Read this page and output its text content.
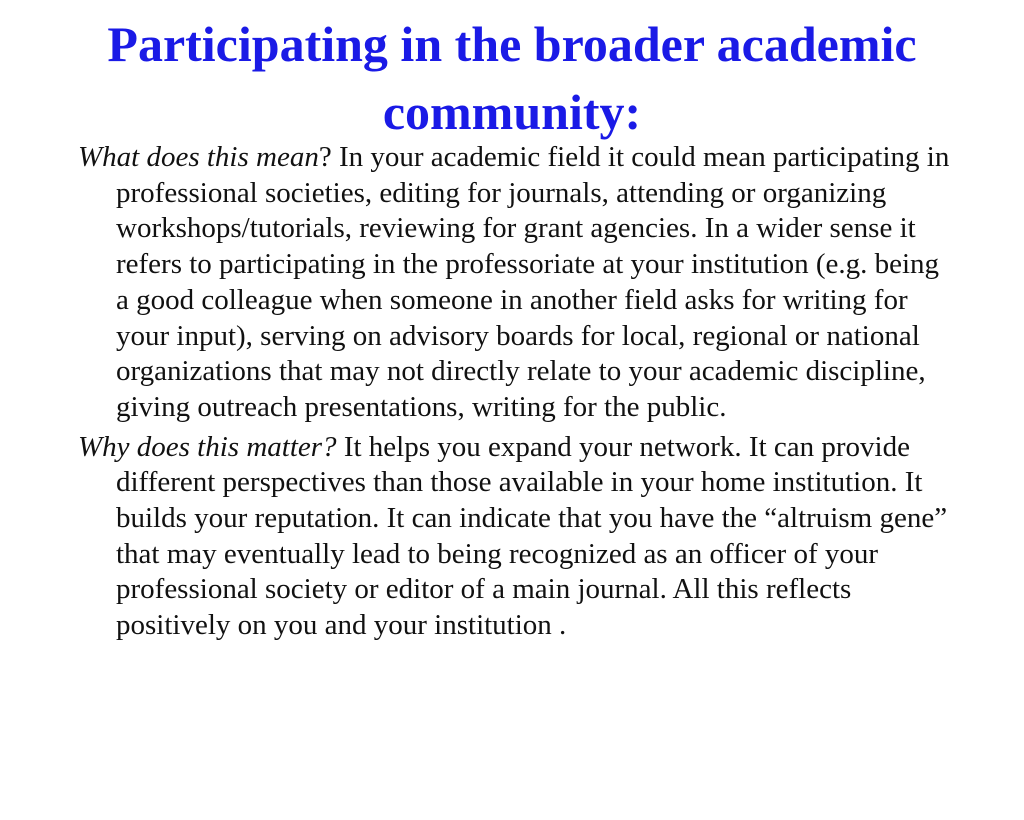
Participating in the broader academic community:

What does this mean? In your academic field it could mean participating in professional societies, editing for journals, attending or organizing workshops/tutorials, reviewing for grant agencies. In a wider sense it refers to participating in the professoriate at your institution (e.g. being a good colleague when someone in another field asks for writing for your input), serving on advisory boards for local, regional or national organizations that may not directly relate to your academic discipline, giving outreach presentations, writing for the public.

Why does this matter? It helps you expand your network. It can provide different perspectives than those available in your home institution. It builds your reputation. It can indicate that you have the “altruism gene” that may eventually lead to being recognized as an officer of your professional society or editor of a main journal. All this reflects positively on you and your institution .
